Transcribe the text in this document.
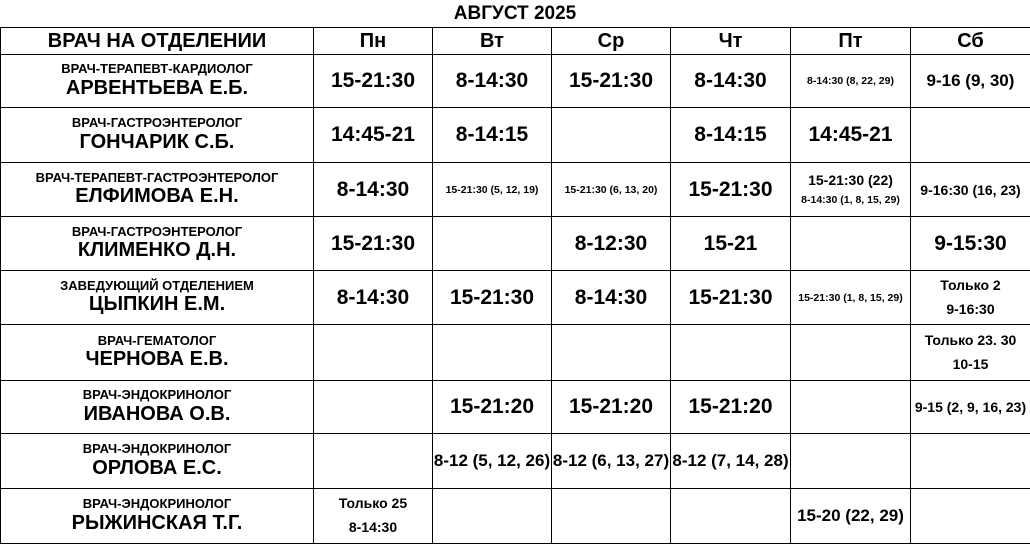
АВГУСТ 2025
ВРАЧ НА ОТДЕЛЕНИИ	Пн	Вт	Ср	Чт	Пт	Сб

ВРАЧ-ТЕРАПЕВТ-КАРДИОЛОГ
АРВЕНТЬЕВА Е.Б.	15-21:30	8-14:30	15-21:30	8-14:30	8-14:30 (8, 22, 29)	9-16 (9, 30)

ВРАЧ-ГАСТРОЭНТЕРОЛОГ
ГОНЧАРИК С.Б.	14:45-21	8-14:15		8-14:15	14:45-21	

ВРАЧ-ТЕРАПЕВТ-ГАСТРОЭНТЕРОЛОГ
ЕЛФИМОВА Е.Н.	8-14:30	15-21:30 (5, 12, 19)	15-21:30 (6, 13, 20)	15-21:30	15-21:30 (22)
8-14:30 (1, 8, 15, 29)	9-16:30 (16, 23)

ВРАЧ-ГАСТРОЭНТЕРОЛОГ
КЛИМЕНКО Д.Н.	15-21:30		8-12:30	15-21		9-15:30

ЗАВЕДУЮЩИЙ ОТДЕЛЕНИЕМ
ЦЫПКИН Е.М.	8-14:30	15-21:30	8-14:30	15-21:30	15-21:30 (1, 8, 15, 29)	Только 2
9-16:30

ВРАЧ-ГЕМАТОЛОГ
ЧЕРНОВА Е.В.						Только 23. 30
10-15

ВРАЧ-ЭНДОКРИНОЛОГ
ИВАНОВА О.В.		15-21:20	15-21:20	15-21:20		9-15 (2, 9, 16, 23)

ВРАЧ-ЭНДОКРИНОЛОГ
ОРЛОВА Е.С.		8-12 (5, 12, 26)	8-12 (6, 13, 27)	8-12 (7, 14, 28)		

ВРАЧ-ЭНДОКРИНОЛОГ
РЫЖИНСКАЯ Т.Г.	Только 25
8-14:30				15-20 (22, 29)	
